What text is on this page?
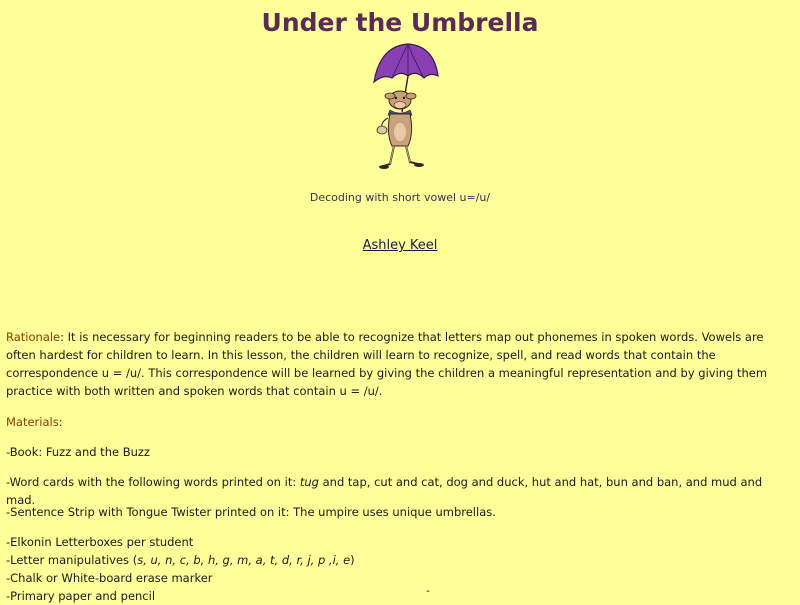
Under the Umbrella
Decoding with short vowel u=/u/
Ashley Keel
Rationale: It is necessary for beginning readers to be able to recognize that letters map out phonemes in spoken words. Vowels are often hardest for children to learn. In this lesson, the children will learn to recognize, spell, and read words that contain the correspondence u = /u/. This correspondence will be learned by giving the children a meaningful representation and by giving them practice with both written and spoken words that contain u = /u/.
Materials:
-Book: Fuzz and the Buzz
-Word cards with the following words printed on it: tug and tap, cut and cat, dog and duck, hut and hat, bun and ban, and mud and mad.
-Sentence Strip with Tongue Twister printed on it: The umpire uses unique umbrellas.
-Elkonin Letterboxes per student
-Letter manipulatives (s, u, n, c, b, h, g, m, a, t, d, r, j, p ,i, e)
-Chalk or White-board erase marker
-Primary paper and pencil	-
